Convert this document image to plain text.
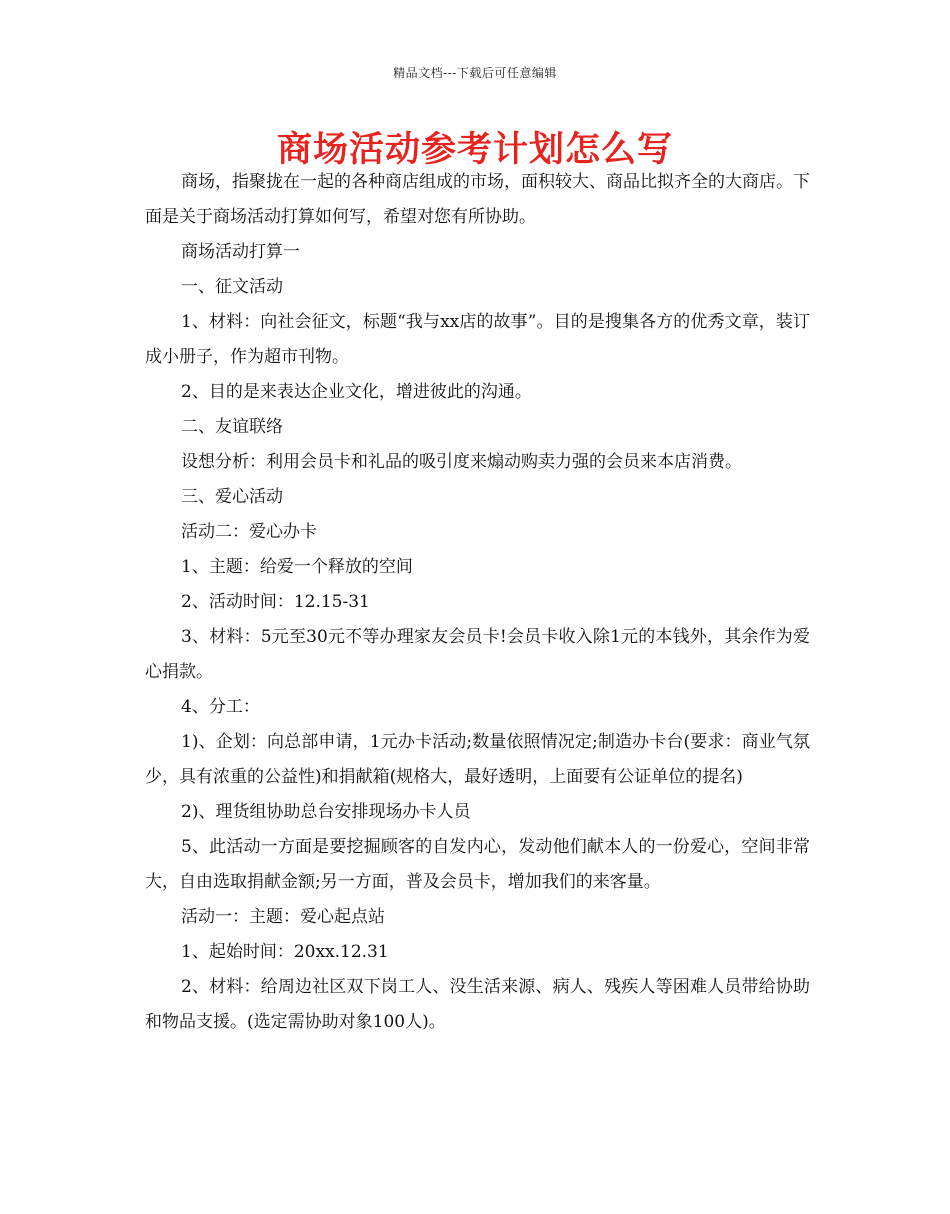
精品文档---下载后可任意编辑
商场活动参考计划怎么写

商场，指聚拢在一起的各种商店组成的市场，面积较大、商品比拟齐全的大商店。下面是关于商场活动打算如何写，希望对您有所协助。

商场活动打算一

一、征文活动

1、材料：向社会征文，标题“我与xx店的故事”。目的是搜集各方的优秀文章，装订成小册子，作为超市刊物。

2、目的是来表达企业文化，增进彼此的沟通。

二、友谊联络

设想分析：利用会员卡和礼品的吸引度来煽动购卖力强的会员来本店消费。

三、爱心活动

活动二：爱心办卡

1、主题：给爱一个释放的空间

2、活动时间：12.15-31

3、材料：5元至30元不等办理家友会员卡!会员卡收入除1元的本钱外，其余作为爱心捐款。

4、分工：

1)、企划：向总部申请，1元办卡活动;数量依照情况定;制造办卡台(要求：商业气氛少，具有浓重的公益性)和捐献箱(规格大，最好透明，上面要有公证单位的提名)

2)、理货组协助总台安排现场办卡人员

5、此活动一方面是要挖掘顾客的自发内心，发动他们献本人的一份爱心，空间非常大，自由选取捐献金额;另一方面，普及会员卡，增加我们的来客量。

活动一：主题：爱心起点站

1、起始时间：20xx.12.31

2、材料：给周边社区双下岗工人、没生活来源、病人、残疾人等困难人员带给协助和物品支援。(选定需协助对象100人)。
